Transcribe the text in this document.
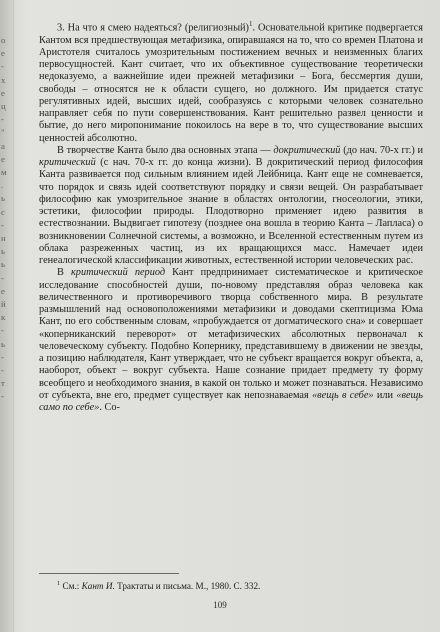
о
е
-
х
е
ц
-
"
а
е
м
.
ь
с
-
н
ь
ь
-
е
й
к
-
ь
-
-
т
-

3. На что я смею надеяться? (религиозный)$^1$. Основательной критике подвергается Кантом вся предшествующая метафизика, опиравшаяся на то, что со времен Платона и Аристотеля считалось умозрительным постижением вечных и неизменных благих первосущностей. Кант считает, что их объективное существование теоретически недоказуемо, а важнейшие идеи прежней метафизики – Бога, бессмертия души, свободы – относятся не к области сущего, но должного. Им придается статус регулятивных идей, высших идей, сообразуясь с которыми человек сознательно направляет себя по пути совершенствования. Кант решительно развел ценности и бытие, до него миропонимание покоилось на вере в то, что существование высших ценностей абсолютно.

В творчестве Канта было два основных этапа — докритический (до нач. 70-х гг.) и критический (с нач. 70-х гг. до конца жизни). В докритический период философия Канта развивается под сильным влиянием идей Лейбница. Кант еще не сомневается, что порядок и связь идей соответствуют порядку и связи вещей. Он разрабатывает философию как умозрительное знание в областях онтологии, гносеологии, этики, эстетики, философии природы. Плодотворно применяет идею развития в естествознании. Выдвигает гипотезу (позднее она вошла в теорию Канта – Лапласа) о возникновении Солнечной системы, а возможно, и Вселенной естественным путем из облака разреженных частиц, из их вращающихся масс. Намечает идеи генеалогической классификации животных, естественной истории человеческих рас.

В критический период Кант предпринимает систематическое и критическое исследование способностей души, по-новому представляя образ человека как величественного и противоречивого творца собственного мира. В результате размышлений над основоположениями метафизики и доводами скептицизма Юма Кант, по его собственным словам, «пробуждается от догматического сна» и совершает «коперниканский переворот» от метафизических абсолютных первоначал к человеческому субъекту. Подобно Копернику, представившему в движении не звезды, а позицию наблюдателя, Кант утверждает, что не субъект вращается вокруг объекта, а, наоборот, объект – вокруг субъекта. Наше сознание придает предмету ту форму всеобщего и необходимого знания, в какой он только и может познаваться. Независимо от субъекта, вне его, предмет существует как непознаваемая «вещь в себе» или «вещь само по себе». Со-

$^1$ См.: Кант И. Трактаты и письма. М., 1980. С. 332.
109
